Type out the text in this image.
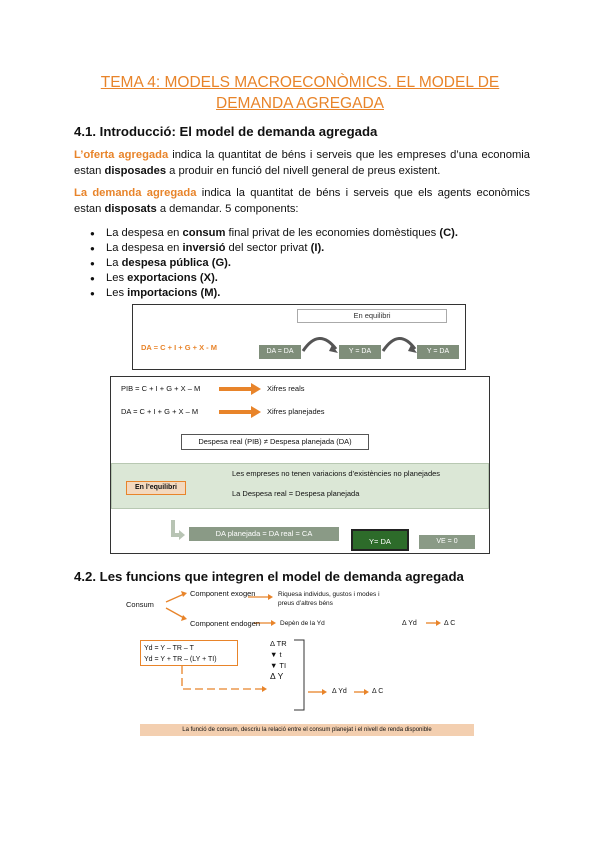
TEMA 4: MODELS MACROECONÒMICS. EL MODEL DE DEMANDA AGREGADA
4.1. Introducció: El model de demanda agregada
L’oferta agregada indica la quantitat de béns i serveis que les empreses d’una economia estan disposades a produir en funció del nivell general de preus existent.
La demanda agregada indica la quantitat de béns i serveis que els agents econòmics estan disposats a demandar. 5 components:
● La despesa en consum final privat de les economies domèstiques (C).
● La despesa en inversió del sector privat (I).
● La despesa pública (G).
● Les exportacions (X).
● Les importacions (M).
En equilibri
DA = C + I + G + X - M	DA = DA	Y = DA	Y = DA
PIB = C + I + G + X – M	Xifres reals
DA = C + I + G + X – M	Xifres planejades
Despesa real (PIB) ≠ Despesa planejada (DA)
En l’equilibri
Les empreses no tenen variacions d’existències no planejades
La Despesa real = Despesa planejada
DA planejada = DA real = CA
Y= DA	VE = 0
4.2. Les funcions que integren el model de demanda agregada
Consum
Component exogen	Riquesa individus, gustos i modes i preus d’altres béns
Component endogen	Depèn de la Yd	Δ Yd	Δ C
Yd = Y – TR – T
Yd = Y + TR – (LY + TI)
Δ TR
▼ t
▼ TI
Δ Y
Δ Yd	Δ C
La funció de consum, descriu la relació entre el consum planejat i el nivell de renda disponible
